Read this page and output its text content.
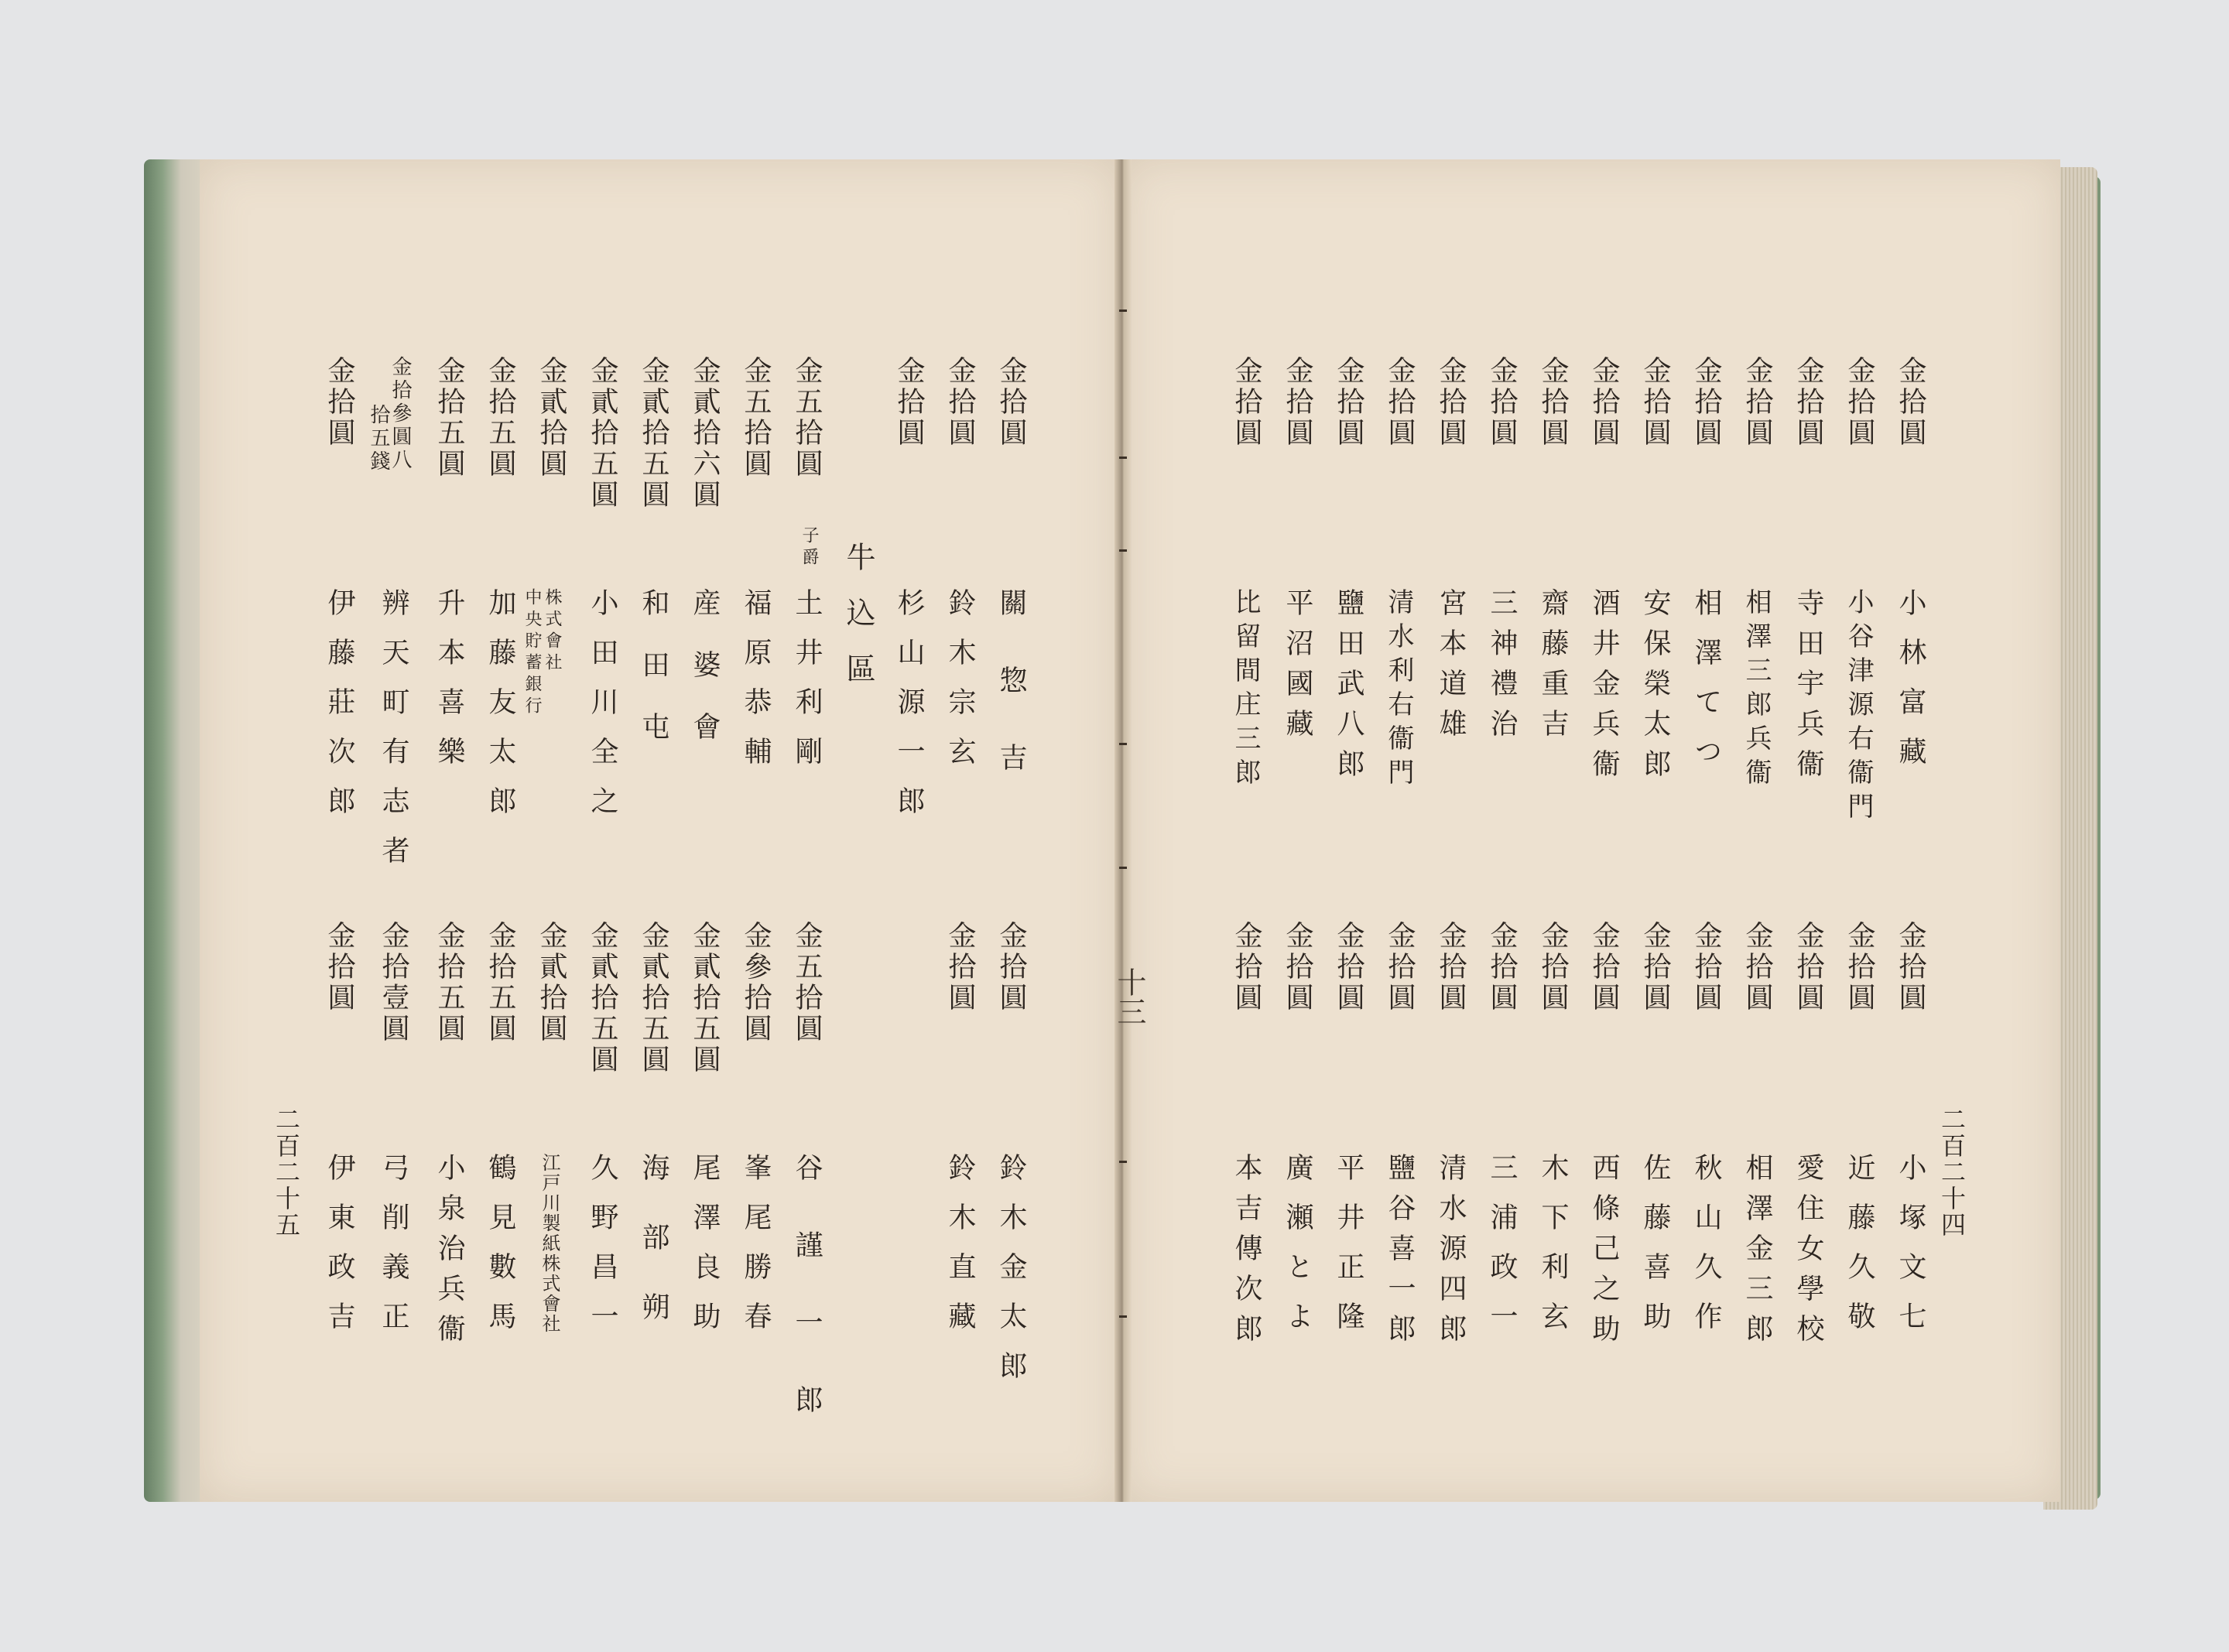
十三
二百二十四
金拾圓
金拾圓
金拾圓
金拾圓
金拾圓
金拾圓
金拾圓
金拾圓
金拾圓
金拾圓
金拾圓
金拾圓
金拾圓
金拾圓
小林富藏
小谷津源右衞門
寺田宇兵衞
相澤三郎兵衞
相澤てつ
安保榮太郎
酒井金兵衞
齋藤重吉
三神禮治
宮本道雄
清水利右衞門
鹽田武八郎
平沼國藏
比留間庄三郎
金拾圓
金拾圓
金拾圓
金拾圓
金拾圓
金拾圓
金拾圓
金拾圓
金拾圓
金拾圓
金拾圓
金拾圓
金拾圓
金拾圓
小塚文七
近藤久敬
愛住女學校
相澤金三郎
秋山久作
佐藤喜助
西條己之助
木下利玄
三浦政一
清水源四郎
鹽谷喜一郎
平井正隆
廣瀬とよ
本吉傳次郎
二百二十五
金拾圓
金拾圓
金拾圓
金五拾圓
金五拾圓
金貳拾六圓
金貳拾五圓
金貳拾五圓
金貳拾圓
金拾五圓
金拾五圓
金拾參圓八
拾五錢
金拾圓
牛込區	關惣吉
鈴木宗玄
杉山源一郎
子爵
土井利剛
福原恭輔
産婆會
和田屯
小田川全之
株式會社
中央貯蓄銀行
加藤友太郎
升本喜樂
辨天町有志者
伊藤莊次郎
金拾圓
金拾圓
金五拾圓
金參拾圓
金貳拾五圓
金貳拾五圓
金貳拾五圓
金貳拾圓
金拾五圓
金拾五圓
金拾壹圓
金拾圓
鈴木金太郎
鈴木直藏
谷謹一郎
峯尾勝春
尾澤良助
海部朔
久野昌一
江戸川製紙株式會社
鶴見數馬
小泉治兵衞
弓削義正
伊東政吉
